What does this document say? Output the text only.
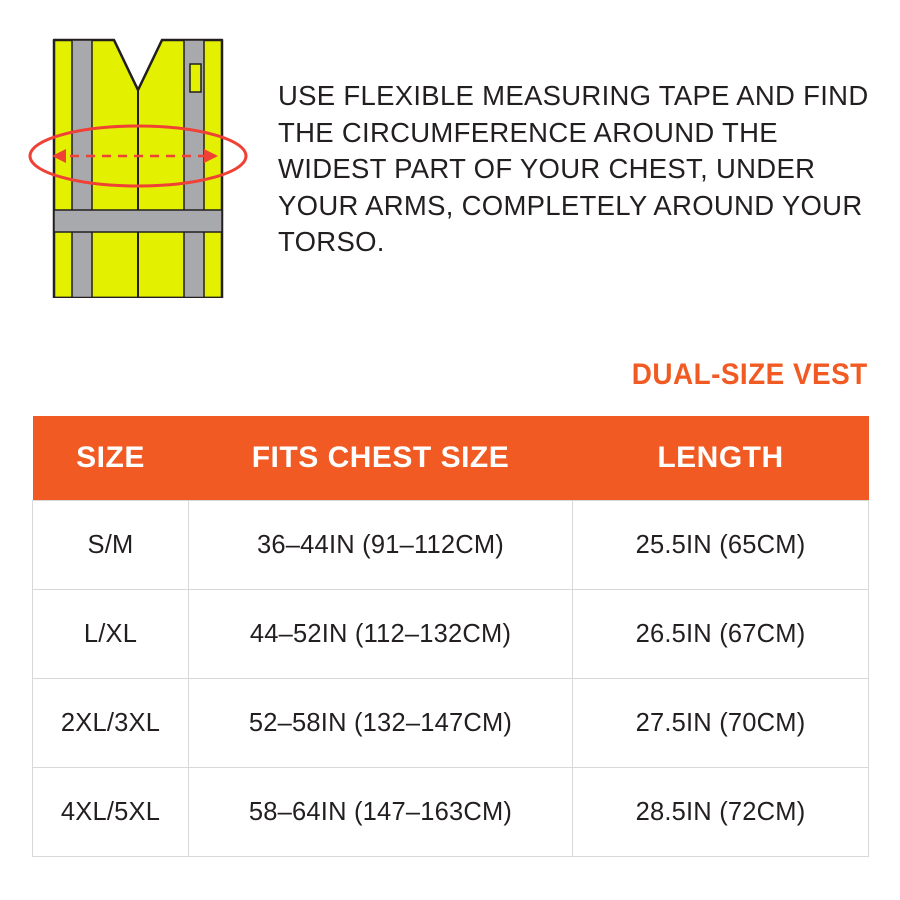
USE FLEXIBLE MEASURING TAPE AND FIND THE CIRCUMFERENCE AROUND THE WIDEST PART OF YOUR CHEST, UNDER YOUR ARMS, COMPLETELY AROUND YOUR TORSO.

DUAL-SIZE VEST
SIZE	FITS CHEST SIZE	LENGTH
S/M	36–44IN (91–112CM)	25.5IN (65CM)
L/XL	44–52IN (112–132CM)	26.5IN (67CM)
2XL/3XL	52–58IN (132–147CM)	27.5IN (70CM)
4XL/5XL	58–64IN (147–163CM)	28.5IN (72CM)
